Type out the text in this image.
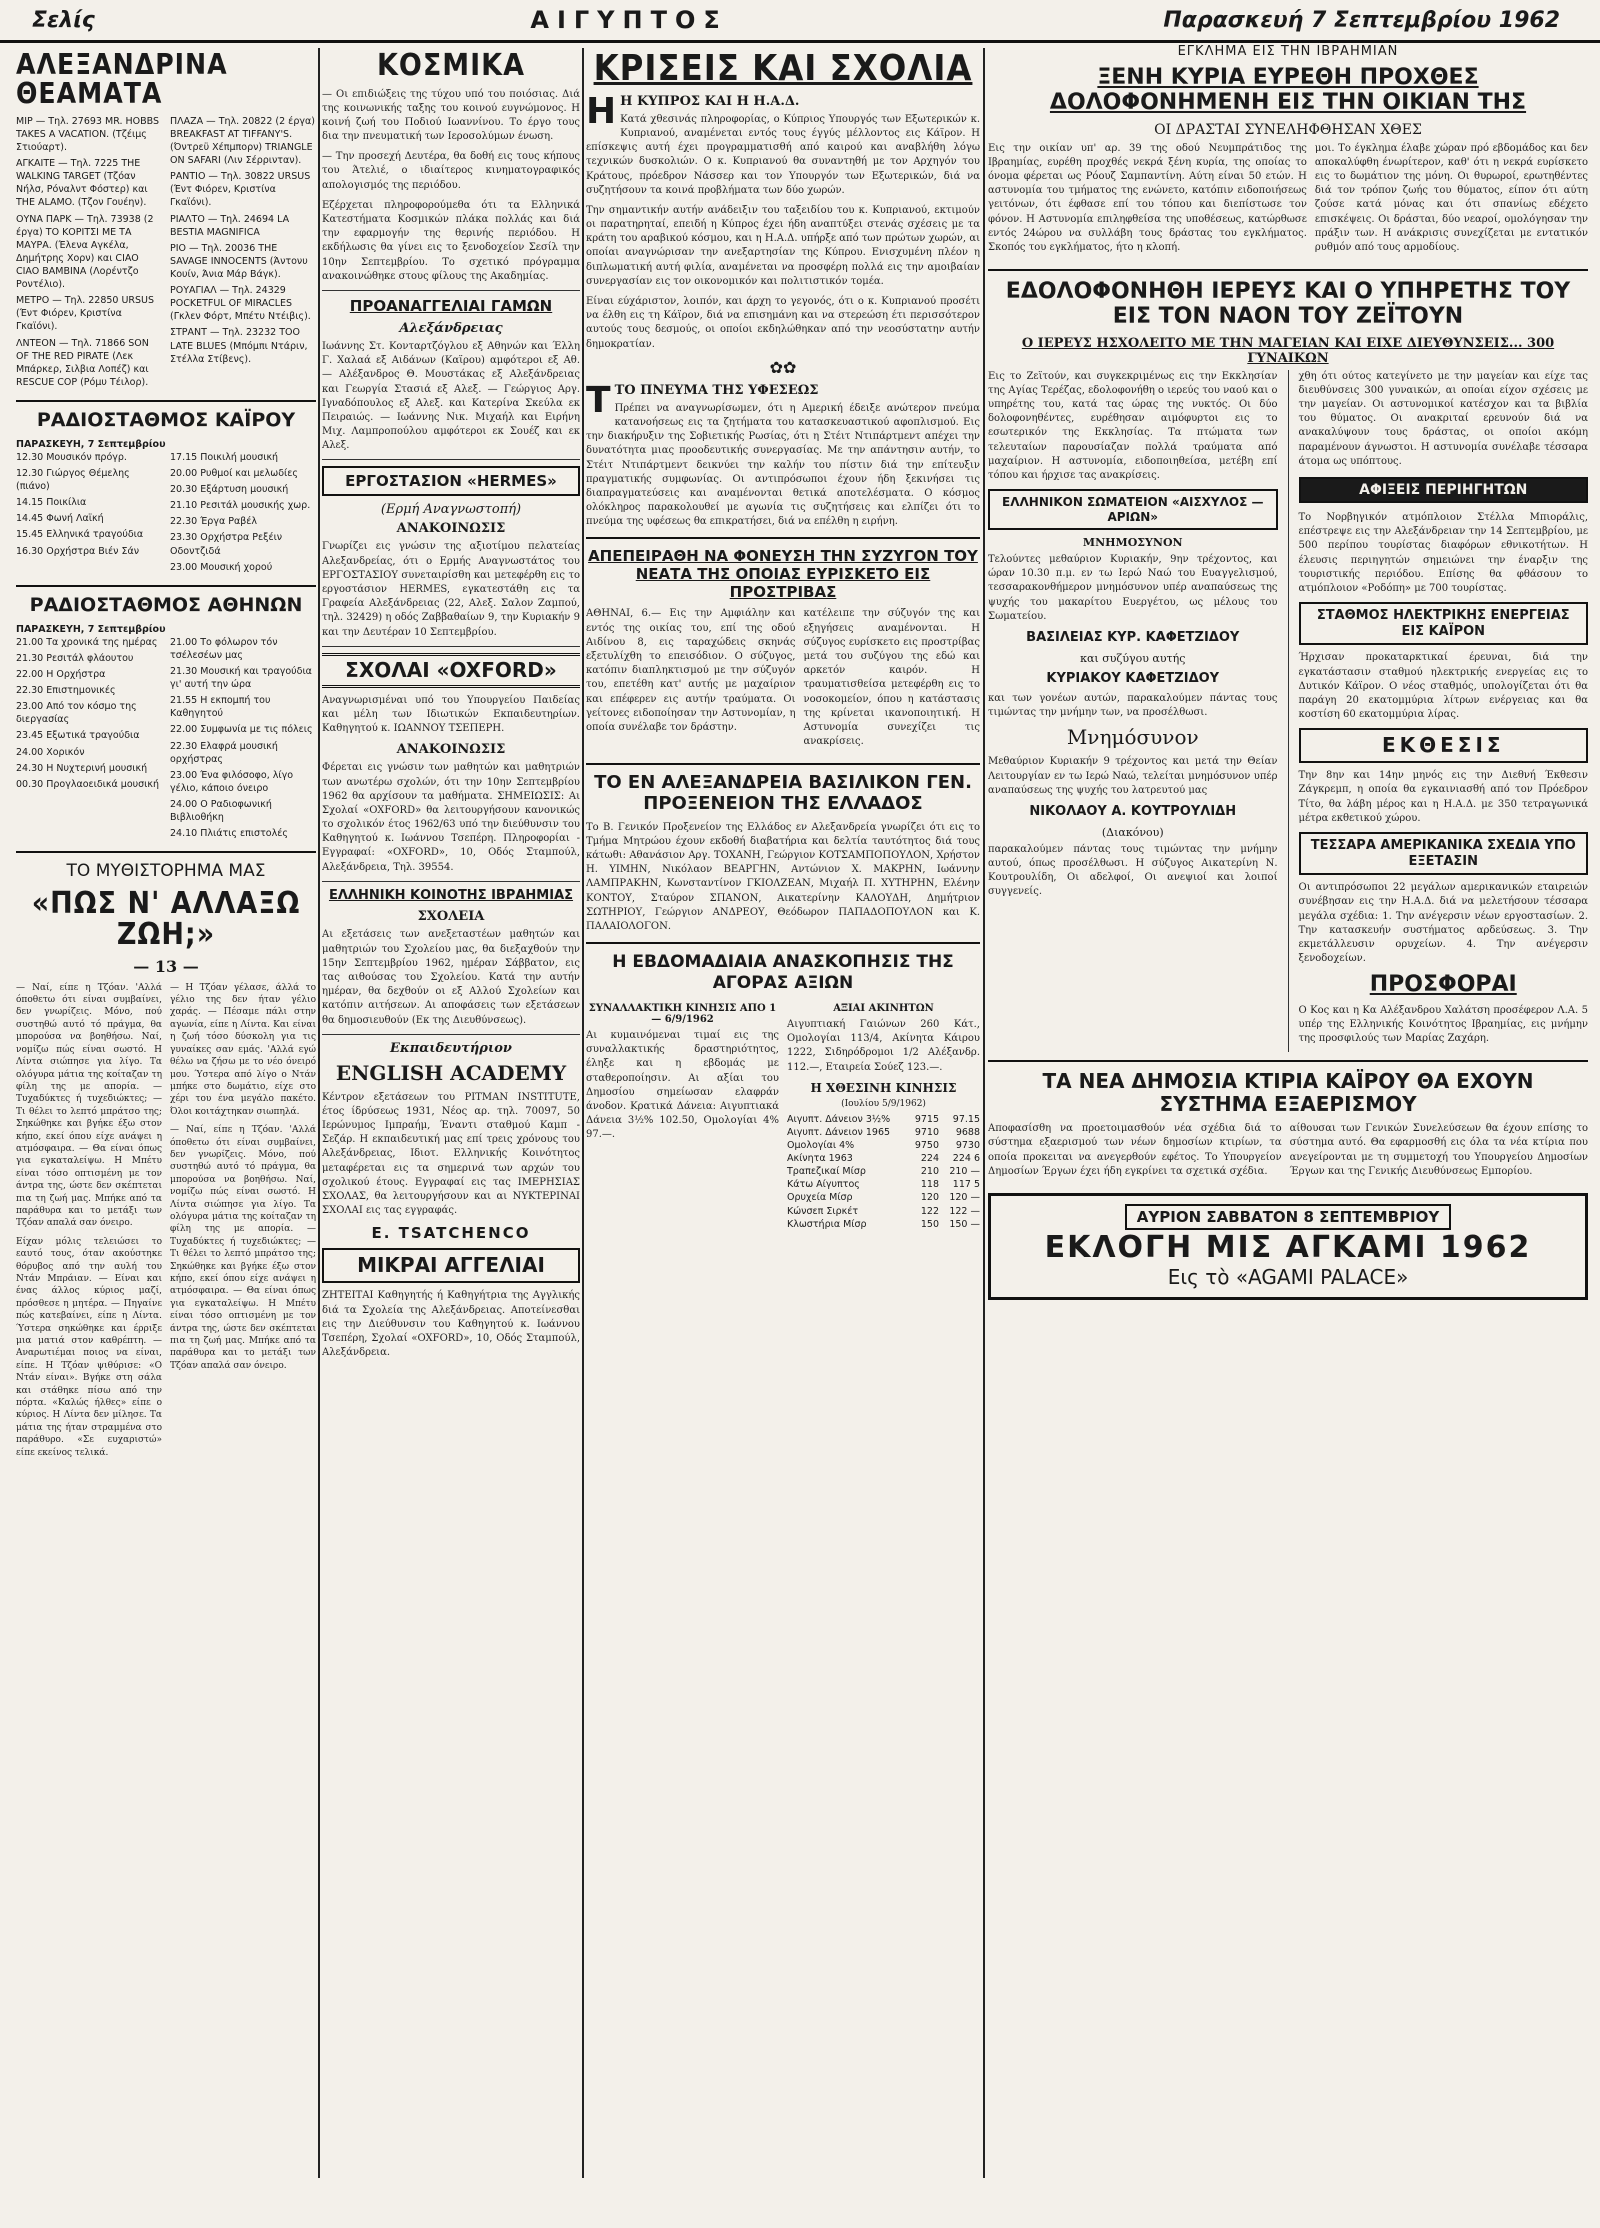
Σελίς	ΑΙΓΥΠΤΟΣ	Παρασκευή 7 Σεπτεμβρίου 1962
ΑΛΕΞΑΝΔΡΙΝΑ ΘΕΑΜΑΤΑ
ΜΙΡ — Τηλ. 27693 MR. HOBBS TAKES A VACATION. (Τζέιμς Στιούαρτ).
ΑΓΚΑΙΤΕ — Τηλ. 7225 THE WALKING TARGET (Τζόαν Νήλσ, Ρόναλντ Φόστερ) και THE ALAMO. (Τζον Γουέην).
ΟΥΝΑ ΠΑΡΚ — Τηλ. 73938 (2 έργα) ΤΟ ΚΟΡΙΤΣΙ ΜΕ ΤΑ ΜΑΥΡΑ. (Έλενα Αγκέλα, Δημήτρης Χορν) και CIAO CIAO BAMBINA (Λορέντζο Ροντέλιο).
ΜΕΤΡΟ — Τηλ. 22850 URSUS (Έντ Φιόρεν, Κριστίνα Γκαϊόνι).
ΛΝΤΕΟΝ — Τηλ. 71866 SON OF THE RED PIRATE (Λεκ Μπάρκερ, Σιλβια Λοπέζ) και RESCUE COP (Ρόμυ Τέιλορ).
ΠΛΑΖΑ — Τηλ. 20822 (2 έργα) BREAKFAST AT TIFFANY'S. (Όντρεϋ Χέπμπορν) TRIANGLE ON SAFARI (Λιν Σέρρινταν).
ΡΑΝΤΙΟ — Τηλ. 30822 URSUS (Έντ Φιόρεν, Κριστίνα Γκαϊόνι).
ΡΙΑΛΤΟ — Τηλ. 24694 LA BESTIA MAGNIFICA
ΡΙΟ — Τηλ. 20036 THE SAVAGE INNOCENTS (Άντονυ Κουίν, Άνια Μάρ Βάγκ).
ΡΟΥΑΓΙΑΛ — Τηλ. 24329 POCKETFUL OF MIRACLES (Γκλεν Φόρτ, Μπέτυ Ντέιβις).
ΣΤΡΑΝΤ — Τηλ. 23232 TOO LATE BLUES (Μπόμπι Ντάριν, Στέλλα Στίβενς).
ΡΑΔΙΟΣΤΑΘΜΟΣ ΚΑΪΡΟΥ
ΠΑΡΑΣΚΕΥΗ, 7 Σεπτεμβρίου
12.30 Μουσικόν πρόγρ.
12.30 Γιώργος Θέμελης (πιάνο)
14.15 Ποικίλια
14.45 Φωνή Λαϊκή
15.45 Ελληνικά τραγούδια
16.30 Ορχήστρα Βιέν Σάν
17.15 Ποικιλή μουσική
20.00 Ρυθμοί και μελωδίες
20.30 Εξάρτυση μουσική
21.10 Ρεσιτάλ μουσικής χωρ.
22.30 Έργα Ραβέλ
23.30 Ορχήστρα Ρεξέιν Οδοντζιδά
23.00 Μουσική χορού
ΡΑΔΙΟΣΤΑΘΜΟΣ ΑΘΗΝΩΝ
ΠΑΡΑΣΚΕΥΗ, 7 Σεπτεμβρίου
21.00 Τα χρονικά της ημέρας
21.30 Ρεσιτάλ φλάουτου
22.00 Η Ορχήστρα
22.30 Επιστημονικές
23.00 Από τον κόσμο της διεργασίας
23.45 Εξωτικά τραγούδια
24.00 Χορικόν
24.30 Η Νυχτερινή μουσική
00.30 Προγλαοειδικά μουσική
21.00 Το φόλωρον τόν τσέλεσέων μας
21.30 Μουσική και τραγούδια γι' αυτή την ώρα
21.55 Η εκπομπή του Καθηγητού
22.00 Συμφωνία με τις πόλεις
22.30 Ελαφρά μουσική ορχήστρας
23.00 Ένα φιλόσοφο, λίγο γέλιο, κάποιο όνειρο
24.00 Ο Ραδιοφωνική Βιβλιοθήκη
24.10 Πλιάτις επιστολές
ΤΟ ΜΥΘΙΣΤΟΡΗΜΑ ΜΑΣ
«ΠΩΣ Ν' ΑΛΛΑΞΩ ΖΩΗ;»
— 13 —

— Ναί, είπε η Τζόαν. 'Αλλά όποθετω ότι είναι συμβαίνει, δεν γνωρίζεις. Μόνο, πού συστηθώ αυτό τό πράγμα, θα μπορούσα να βοηθήσω. Ναί, νομίζω πώς είναι σωστό. Η Λίντα σιώπησε για λίγο. Τα ολόγυρα μάτια της κοίταζαν τη φίλη της με απορία. — Τυχαδύκτες ή τυχεδιώκτες; — Τι θέλει το λεπτό μπράτσο της; Σηκώθηκε και βγήκε έξω στον κήπο, εκεί όπου είχε ανάψει η ατμόσφαιρα. — Θα είναι όπως για εγκαταλείψω. Η Μπέτυ είναι τόσο οπτισμένη με τον άντρα της, ώστε δεν σκέπτεται πια τη ζωή μας. Μπήκε από τα παράθυρα και το μετάξι των Τζόαν απαλά σαν όνειρο.

Είχαν μόλις τελειώσει το εαυτό τους, όταν ακούστηκε θόρυβος από την αυλή του Ντάν Μπράιαν. — Είναι και ένας άλλος κύριος μαζί, πρόσθεσε η μητέρα. — Πηγαίνε πώς κατεβαίνει, είπε η Λίντα. Ύστερα σηκώθηκε και έρριξε μια ματιά στον καθρέπτη. — Αναρωτιέμαι ποιος να είναι, είπε. Η Τζόαν ψιθύρισε: «Ο Ντάν είναι». Βγήκε στη σάλα και στάθηκε πίσω από την πόρτα. «Καλώς ήλθες» είπε ο κύριος. Η Λίντα δεν μίλησε. Τα μάτια της ήταν στραμμένα στο παράθυρο. «Σε ευχαριστώ» είπε εκείνος τελικά.

— Η Τζόαν γέλασε, άλλά το γέλιο της δεν ήταν γέλιο χαράς. — Πέσαμε πάλι στην αγωνία, είπε η Λίντα. Και είναι η ζωή τόσο δύσκολη για τις γυναίκες σαν εμάς. 'Αλλά εγώ θέλω να ζήσω με το νέο όνειρό μου. Ύστερα από λίγο ο Ντάν μπήκε στο δωμάτιο, είχε στο χέρι του ένα μεγάλο πακέτο. Όλοι κοιτάχτηκαν σιωπηλά.

— Ναί, είπε η Τζόαν. 'Αλλά όποθετω ότι είναι συμβαίνει, δεν γνωρίζεις. Μόνο, πού συστηθώ αυτό τό πράγμα, θα μπορούσα να βοηθήσω. Ναί, νομίζω πώς είναι σωστό. Η Λίντα σιώπησε για λίγο. Τα ολόγυρα μάτια της κοίταζαν τη φίλη της με απορία. — Τυχαδύκτες ή τυχεδιώκτες; — Τι θέλει το λεπτό μπράτσο της; Σηκώθηκε και βγήκε έξω στον κήπο, εκεί όπου είχε ανάψει η ατμόσφαιρα. — Θα είναι όπως για εγκαταλείψω. Η Μπέτυ είναι τόσο οπτισμένη με τον άντρα της, ώστε δεν σκέπτεται πια τη ζωή μας. Μπήκε από τα παράθυρα και το μετάξι των Τζόαν απαλά σαν όνειρο.

ΚΟΣΜΙΚΑ

— Οι επιδιώξεις της τύχου υπό του ποιόσιας. Διά της κοινωνικής ταξης του κοινού ευγνώμονος. Η κοινή ζωή του Ποδιού Ιωαννίνου. Το έργο τους δια την πνευματική των Ιεροσολύμων ένωση.

— Την προσεχή Δευτέρα, θα δοθή εις τους κήπους του Άτελιέ, ο ιδιαίτερος κινηματογραφικός απολογισμός της περιόδου.

Εζέρχεται πληροφορούμεθα ότι τα Ελληνικά Κατεστήματα Κοσμικών πλάκα πολλάς και διά την εφαρμογήν της θερινής περιόδου. Η εκδήλωσις θα γίνει εις το ξενοδοχείον Σεσίλ την 10ην Σεπτεμβρίου. Το σχετικό πρόγραμμα ανακοινώθηκε στους φίλους της Ακαδημίας.

ΠΡΟΑΝΑΓΓΕΛΙΑΙ ΓΑΜΩΝ
Αλεξάνδρειας

Ιωάννης Στ. Κονταρτζόγλου εξ Αθηνών και Έλλη Γ. Χαλαά εξ Αιδάνων (Καϊρου) αμφότεροι εξ Αθ. — Αλέξανδρος Θ. Μουστάκας εξ Αλεξάνδρειας και Γεωργία Στασιά εξ Αλεξ. — Γεώργιος Αργ. Ιγναδόπουλος εξ Αλεξ. και Κατερίνα Σκεύλα εκ Πειραιώς. — Ιωάννης Νικ. Μιχαήλ και Ειρήνη Μιχ. Λαμπροπούλου αμφότεροι εκ Σουέζ και εκ Αλεξ.

ΕΡΓΟΣΤΑΣΙΟΝ «ΗΕRΜES»
(Ερμή Αναγνωστοπή)
ΑΝΑΚΟΙΝΩΣΙΣ

Γνωρίζει εις γνώσιν της αξιοτίμου πελατείας Αλεξανδρείας, ότι ο Ερμής Αναγνωστάτος του ΕΡΓΟΣΤΑΣΙΟΥ συνεταιρίσθη και μετεφέρθη εις το εργοστάσιον ΗΕRΜES, εγκατεστάθη εις τα Γραφεία Αλεξάνδρειας (22, Αλεξ. Σαλον Ζαμπού, τηλ. 32429) η οδός Ζαββαθαίων 9, την Κυριακήν 9 και την Δευτέραν 10 Σεπτεμβρίου.

ΣΧΟΛΑΙ «OXFORD»

Αναγνωρισμέναι υπό του Υπουργείου Παιδείας και μέλη των Ιδιωτικών Εκπαιδευτηρίων. Καθηγητού κ. ΙΩΑΝΝΟΥ ΤΣΕΠΕΡΗ.

ΑΝΑΚΟΙΝΩΣΙΣ

Φέρεται εις γνώσιν των μαθητών και μαθητριών των ανωτέρω σχολών, ότι την 10ην Σεπτεμβρίου 1962 θα αρχίσουν τα μαθήματα. ΣΗΜΕΙΩΣΙΣ: Αι Σχολαί «OXFORD» θα λειτουργήσουν κανονικώς το σχολικόν έτος 1962/63 υπό την διεύθυνσιν του Καθηγητού κ. Ιωάννου Τσεπέρη. Πληροφορίαι - Εγγραφαί: «OXFORD», 10, Οδός Σταμπούλ, Αλεξάνδρεια, Τηλ. 39554.

ΕΛΛΗΝΙΚΗ ΚΟΙΝΟΤΗΣ ΙΒΡΑΗΜΙΑΣ
ΣΧΟΛΕΙΑ

Αι εξετάσεις των ανεξεταστέων μαθητών και μαθητριών του Σχολείου μας, θα διεξαχθούν την 15ην Σεπτεμβρίου 1962, ημέραν Σάββατον, εις τας αιθούσας του Σχολείου. Κατά την αυτήν ημέραν, θα δεχθούν οι εξ Αλλού Σχολείων και κατόπιν αιτήσεων. Αι αποφάσεις των εξετάσεων θα δημοσιευθούν (Εκ της Διευθύνσεως).

Εκπαιδευτήριον
ENGLISH ACADEMY

Κέντρον εξετάσεων του PITMAN INSTITUTE, έτος ίδρύσεως 1931, Νέος αρ. τηλ. 70097, 50 Ιερώνυμος Ιμπραήμ, Έναντι σταθμού Καμπ - Σεζάρ. Η εκπαιδευτική μας επί τρεις χρόνους του Αλεξάνδρειας, Ιδιοτ. Ελληνικής Κοινότητος μεταφέρεται εις τα σημερινά των αρχών του σχολικού έτους. Εγγραφαί εις τας ΙΜΕΡΗΣΙΑΣ ΣΧΟΛΑΣ, θα λειτουργήσουν και αι ΝΥΚΤΕΡΙΝΑΙ ΣΧΟΛΑΙ εις τας εγγραφάς.

E. TSATCHENCO
ΜΙΚΡΑΙ ΑΓΓΕΛΙΑΙ

ΖΗΤΕΙΤΑΙ Καθηγητής ή Καθηγήτρια της Αγγλικής διά τα Σχολεία της Αλεξάνδρειας. Αποτείνεσθαι εις την Διεύθυνσιν του Καθηγητού κ. Ιωάννου Τσεπέρη, Σχολαί «OXFORD», 10, Οδός Σταμπούλ, Αλεξάνδρεια.

ΚΡΙΣΕΙΣ ΚΑΙ ΣΧΟΛΙΑ
Η Η ΚΥΠΡΟΣ ΚΑΙ Η Η.Α.Δ.

Κατά χθεσινάς πληροφορίας, ο Κύπριος Υπουργός των Εξωτερικών κ. Κυπριανού, αναμένεται εντός τους έγγύς μέλλοντος εις Κάϊρον. Η επίσκεψις αυτή έχει προγραμματισθή από καιρού και αναβλήθη λόγω τεχνικών δυσκολιών. Ο κ. Κυπριανού θα συναντηθή με τον Αρχηγόν του Κράτους, πρόεδρον Νάσσερ και τον Υπουργόν των Εξωτερικών, διά να συζητήσουν τα κοινά προβλήματα των δύο χωρών.

Την σημαντικήν αυτήν ανάδειξιν του ταξειδίου του κ. Κυπριανού, εκτιμούν οι παρατηρηταί, επειδή η Κύπρος έχει ήδη αναπτύξει στενάς σχέσεις με τα κράτη του αραβικού κόσμου, και η Η.Α.Δ. υπήρξε από των πρώτων χωρών, αι οποίαι αναγνώρισαν την ανεξαρτησίαν της Κύπρου. Ενισχυμένη πλέον η διπλωματική αυτή φιλία, αναμένεται να προσφέρη πολλά εις την αμοιβαίαν συνεργασίαν εις τον οικονομικόν και πολιτιστικόν τομέα.

Είναι εύχάριστον, λοιπόν, και άρχη το γεγονός, ότι ο κ. Κυπριανού προσέτι να έλθη εις τη Κάϊρον, διά να επισημάνη και να στερεώση έτι περισσότερον αυτούς τους δεσμούς, οι οποίοι εκδηλώθηκαν από την νεοσύστατην αυτήν δημοκρατίαν.

✿✿
Τ ΤΟ ΠΝΕΥΜΑ ΤΗΣ ΥΦΕΣΕΩΣ

Πρέπει να αναγνωρίσωμεν, ότι η Αμερική έδειξε ανώτερον πνεύμα κατανοήσεως εις τα ζητήματα του κατασκευαστικού αφοπλισμού. Εις την διακήρυξιν της Σοβιετικής Ρωσίας, ότι η Στέιτ Ντιπάρτμεντ απέχει την δυνατότητα μιας προοδευτικής συνεργασίας. Με την απάντησιν αυτήν, το Στέιτ Ντιπάρτμεντ δεικνύει την καλήν του πίστιν διά την επίτευξιν πραγματικής συμφωνίας. Οι αντιπρόσωποι έχουν ήδη ξεκινήσει τις διαπραγματεύσεις και αναμένονται θετικά αποτελέσματα. Ο κόσμος ολόκληρος παρακολουθεί με αγωνία τις συζητήσεις και ελπίζει ότι το πνεύμα της υφέσεως θα επικρατήσει, διά να επέλθη η ειρήνη.

ΑΠΕΠΕΙΡΑΘΗ ΝΑ ΦΟΝΕΥΣΗ ΤΗΝ ΣΥΖΥΓΟΝ ΤΟΥ ΝΕΑΤΑ ΤΗΣ ΟΠΟΙΑΣ ΕΥΡΙΣΚΕΤΟ ΕΙΣ ΠΡΟΣΤΡΙΒΑΣ

ΑΘΗΝΑΙ, 6.— Εις την Αμφιάλην και εντός της οικίας του, επί της οδού Αιδίνου 8, εις ταραχώδεις σκηνάς εξετυλίχθη το επεισόδιον. Ο σύζυγος, κατόπιν διαπληκτισμού με την σύζυγόν του, επετέθη κατ' αυτής με μαχαίριον και επέφερεν εις αυτήν τραύματα. Οι γείτονες ειδοποίησαν την Αστυνομίαν, η οποία συνέλαβε τον δράστην.

κατέλειπε την σύζυγόν της και εξηγήσεις αναμένονται. Η σύζυγος ευρίσκετο εις προστρίβας μετά του συζύγου της εδώ και αρκετόν καιρόν. Η τραυματισθείσα μετεφέρθη εις το νοσοκομείον, όπου η κατάστασις της κρίνεται ικανοποιητική. Η Αστυνομία συνεχίζει τις ανακρίσεις.

ΤΟ ΕΝ ΑΛΕΞΑΝΔΡΕΙΑ ΒΑΣΙΛΙΚΟΝ ΓΕΝ. ΠΡΟΞΕΝΕΙΟΝ ΤΗΣ ΕΛΛΑΔΟΣ

Το Β. Γενικόν Προξενείον της Ελλάδος εν Αλεξανδρεία γνωρίζει ότι εις το Τμήμα Μητρώου έχουν εκδοθή διαβατήρια και δελτία ταυτότητος διά τους κάτωθι: Αθανάσιον Αργ. ΤΟΧΑΝΗ, Γεώργιον ΚΟΤΣΑΜΠΟΠΟΥΛΟΝ, Χρήστον Η. ΥΙΜΗΝ, Νικόλαον ΒΕΑΡΓΗΝ, Αντώνιον Χ. ΜΑΚΡΗΝ, Ιωάννην ΛΑΜΠΡΑΚΗΝ, Κωνσταντίνον ΓΚΙΟΛΖΕΑΝ, Μιχαήλ Π. ΧΥΤΗΡΗΝ, Ελένην ΚΟΝΤΟΥ, Σταύρον ΣΠΑΝΟΝ, Αικατερίνην ΚΑΛΟΥΔΗ, Δημήτριον ΣΩΤΗΡΙΟΥ, Γεώργιον ΑΝΔΡΕΟΥ, Θεόδωρον ΠΑΠΑΔΟΠΟΥΛΟΝ και Κ. ΠΑΛΑΙΟΛΟΓΟΝ.

Η ΕΒΔΟΜΑΔΙΑΙΑ ΑΝΑΣΚΟΠΗΣΙΣ ΤΗΣ ΑΓΟΡΑΣ ΑΞΙΩΝ
ΣΥΝΑΛΛΑΚΤΙΚΗ ΚΙΝΗΣΙΣ ΑΠΟ 1 — 6/9/1962

Αι κυμαινόμεναι τιμαί εις της συναλλακτικής δραστηριότητος, έληξε και η εβδομάς με σταθεροποίησιν. Αι αξίαι του Δημοσίου σημείωσαν ελαφράν άνοδον. Κρατικά Δάνεια: Αιγυπτιακά Δάνεια 3½% 102.50, Ομολογίαι 4% 97.—.

ΑΞΙΑΙ ΑΚΙΝΗΤΩΝ

Αιγυπτιακή Γαιώνων 260 Κάτ., Ομολογίαι 113/4, Ακίνητα Κάιρου 1222, Σιδηρόδρομοι 1/2 Αλέξανδρ. 112.—, Εταιρεία Σούεζ 123.—.

Η ΧΘΕΣΙΝΗ ΚΙΝΗΣΙΣ
(Ιουλίου 5/9/1962)
Αιγυπτ. Δάνειον 3½%	9715	97.15
Αιγυπτ. Δάνειον 1965	9710	9688
Ομολογίαι 4%	9750	9730
Ακίνητα 1963	224	224 6
Τραπεζικαί Μίσρ	210	210 —
Κάτω Αίγυπτος	118	117 5
Ορυχεία Μίσρ	120	120 —
Κώνσεπ Σιρκέτ	122	122 —
Κλωστήρια Μίσρ	150	150 —
ΕΓΚΛΗΜΑ ΕΙΣ ΤΗΝ ΙΒΡΑΗΜΙΑΝ
ΞΕΝΗ ΚΥΡΙΑ ΕΥΡΕΘΗ ΠΡΟΧΘΕΣ ΔΟΛΟΦΟΝΗΜΕΝΗ ΕΙΣ ΤΗΝ ΟΙΚΙΑΝ ΤΗΣ
ΟΙ ΔΡΑΣΤΑΙ ΣΥΝΕΛΗΦΘΗΣΑΝ ΧΘΕΣ

Εις την οικίαν υπ' αρ. 39 της οδού Νευμπράτιδος της Ιβραημίας, ευρέθη προχθές νεκρά ξένη κυρία, της οποίας το όνομα φέρεται ως Ρόουζ Σαμπαντίνη. Αύτη είναι 50 ετών. Η αστυνομία του τμήματος της ενώνετο, κατόπιν ειδοποιήσεως γειτόνων, ότι έφθασε επί του τόπου και διεπίστωσε τον φόνον. Η Αστυνομία επιληφθείσα της υποθέσεως, κατώρθωσε εντός 24ώρου να συλλάβη τους δράστας του εγκλήματος. Σκοπός του εγκλήματος, ήτο η κλοπή.

μοι. Το έγκλημα έλαβε χώραν πρό εβδομάδος και δεν αποκαλύφθη ένωρίτερον, καθ' ότι η νεκρά ευρίσκετο εις το δωμάτιον της μόνη. Οι θυρωροί, ερωτηθέντες διά τον τρόπον ζωής του θύματος, είπον ότι αύτη ζούσε κατά μόνας και ότι σπανίως εδέχετο επισκέψεις. Οι δράσται, δύο νεαροί, ομολόγησαν την πράξιν των. Η ανάκρισις συνεχίζεται με εντατικόν ρυθμόν από τους αρμοδίους.

ΕΔΟΛΟΦΟΝΗΘΗ ΙΕΡΕΥΣ ΚΑΙ Ο ΥΠΗΡΕΤΗΣ ΤΟΥ ΕΙΣ ΤΟΝ ΝΑΟΝ ΤΟΥ ΖΕΪΤΟΥΝ
Ο ΙΕΡΕΥΣ ΗΣΧΟΛΕΙΤΟ ΜΕ ΤΗΝ ΜΑΓΕΙΑΝ ΚΑΙ ΕΙΧΕ ΔΙΕΥΘΥΝΣΕΙΣ... 300 ΓΥΝΑΙΚΩΝ

Εις το Ζεϊτούν, και συγκεκριμένως εις την Εκκλησίαν της Αγίας Τερέζας, εδολοφονήθη ο ιερεύς του ναού και ο υπηρέτης του, κατά τας ώρας της νυκτός. Οι δύο δολοφονηθέντες, ευρέθησαν αιμόφυρτοι εις το εσωτερικόν της Εκκλησίας. Τα πτώματα των τελευταίων παρουσίαζαν πολλά τραύματα από μαχαίριον. Η αστυνομία, ειδοποιηθείσα, μετέβη επί τόπου και ήρχισε τας ανακρίσεις.

ΕΛΛΗΝΙΚΟΝ ΣΩΜΑΤΕΙΟΝ «ΑΙΣΧΥΛΟΣ — ΑΡΙΩΝ»
ΜΝΗΜΟΣΥΝΟΝ

Τελούντες μεθαύριον Κυριακήν, 9ην τρέχοντος, και ώραν 10.30 π.μ. εν τω Ιερώ Ναώ του Ευαγγελισμού, τεσσαρακονθήμερον μνημόσυνον υπέρ αναπαύσεως της ψυχής του μακαρίτου Ευεργέτου, ως μέλους του Σωματείου.

ΒΑΣΙΛΕΙΑΣ ΚΥΡ. ΚΑΦΕΤΖΙΔΟΥ
και συζύγου αυτής
ΚΥΡΙΑΚΟΥ ΚΑΦΕΤΖΙΔΟΥ

και των γονέων αυτών, παρακαλούμεν πάντας τους τιμώντας την μνήμην των, να προσέλθωσι.

Μνημόσυνον

Μεθαύριον Κυριακήν 9 τρέχοντος και μετά την Θείαν Λειτουργίαν εν τω Ιερώ Ναώ, τελείται μνημόσυνον υπέρ αναπαύσεως της ψυχής του λατρευτού μας

ΝΙΚΟΛΑΟΥ Α. ΚΟΥΤΡΟΥΛΙΔΗ
(Διακόνου)

παρακαλούμεν πάντας τους τιμώντας την μνήμην αυτού, όπως προσέλθωσι. Η σύζυγος Αικατερίνη Ν. Κουτρουλίδη, Οι αδελφοί, Οι ανεψιοί και λοιποί συγγενείς.

χθη ότι ούτος κατεγίνετο με την μαγείαν και είχε τας διευθύνσεις 300 γυναικών, αι οποίαι είχον σχέσεις με την μαγείαν. Οι αστυνομικοί κατέσχον και τα βιβλία του θύματος. Οι ανακριταί ερευνούν διά να ανακαλύψουν τους δράστας, οι οποίοι ακόμη παραμένουν άγνωστοι. Η αστυνομία συνέλαβε τέσσαρα άτομα ως υπόπτους.

ΑΦΙΞΕΙΣ ΠΕΡΙΗΓΗΤΩΝ

Το Νορβηγικόν ατμόπλοιον Στέλλα Μπιοράλις, επέστρεψε εις την Αλεξάνδρειαν την 14 Σεπτεμβρίου, με 500 περίπου τουρίστας διαφόρων εθνικοτήτων. Η έλευσις περιηγητών σημειώνει την έναρξιν της τουριστικής περιόδου. Επίσης θα φθάσουν το ατμόπλοιον «Ροδόπη» με 700 τουρίστας.

ΣΤΑΘΜΟΣ ΗΛΕΚΤΡΙΚΗΣ ΕΝΕΡΓΕΙΑΣ ΕΙΣ ΚΑΪΡΟΝ

Ήρχισαν προκαταρκτικαί έρευναι, διά την εγκατάστασιν σταθμού ηλεκτρικής ενεργείας εις το Δυτικόν Κάϊρον. Ο νέος σταθμός, υπολογίζεται ότι θα παράγη 20 εκατομμύρια λίτρων ενέργειας και θα κοστίση 60 εκατομμύρια λίρας.

ΕΚΘΕΣΙΣ

Την 8ην και 14ην μηνός εις την Διεθνή Έκθεσιν Ζάγκρεμπ, η οποία θα εγκαινιασθή από τον Πρόεδρον Τίτο, θα λάβη μέρος και η Η.Α.Δ. με 350 τετραγωνικά μέτρα εκθετικού χώρου.

ΤΕΣΣΑΡΑ ΑΜΕΡΙΚΑΝΙΚΑ ΣΧΕΔΙΑ ΥΠΟ ΕΞΕΤΑΣΙΝ

Οι αντιπρόσωποι 22 μεγάλων αμερικανικών εταιρειών συνέβησαν εις την Η.Α.Δ. διά να μελετήσουν τέσσαρα μεγάλα σχέδια: 1. Την ανέγερσιν νέων εργοστασίων. 2. Την κατασκευήν συστήματος αρδεύσεως. 3. Την εκμετάλλευσιν ορυχείων. 4. Την ανέγερσιν ξενοδοχείων.

ΠΡΟΣΦΟΡΑΙ

Ο Κος και η Κα Αλέξανδρου Χαλάτση προσέφερον Λ.Α. 5 υπέρ της Ελληνικής Κοινότητος Ιβραημίας, εις μνήμην της προσφιλούς των Μαρίας Ζαχάρη.

ΤΑ ΝΕΑ ΔΗΜΟΣΙΑ ΚΤΙΡΙΑ ΚΑΪΡΟΥ ΘΑ ΕΧΟΥΝ ΣΥΣΤΗΜΑ ΕΞΑΕΡΙΣΜΟΥ

Αποφασίσθη να προετοιμασθούν νέα σχέδια διά το σύστημα εξαερισμού των νέων δημοσίων κτιρίων, τα οποία προκειται να ανεγερθούν εφέτος. Το Υπουργείον Δημοσίων Έργων έχει ήδη εγκρίνει τα σχετικά σχέδια.

αίθουσαι των Γενικών Συνελεύσεων θα έχουν επίσης το σύστημα αυτό. Θα εφαρμοσθή εις όλα τα νέα κτίρια που ανεγείρονται με τη συμμετοχή του Υπουργείου Δημοσίων Έργων και της Γενικής Διευθύνσεως Εμπορίου.

ΑΥΡΙΟΝ ΣΑΒΒΑΤΟΝ 8 ΣΕΠΤΕΜΒΡΙΟΥ
ΕΚΛΟΓΗ ΜΙΣ ΑΓΚΑΜΙ 1962
Εις τὸ «AGAMI PALACE»
